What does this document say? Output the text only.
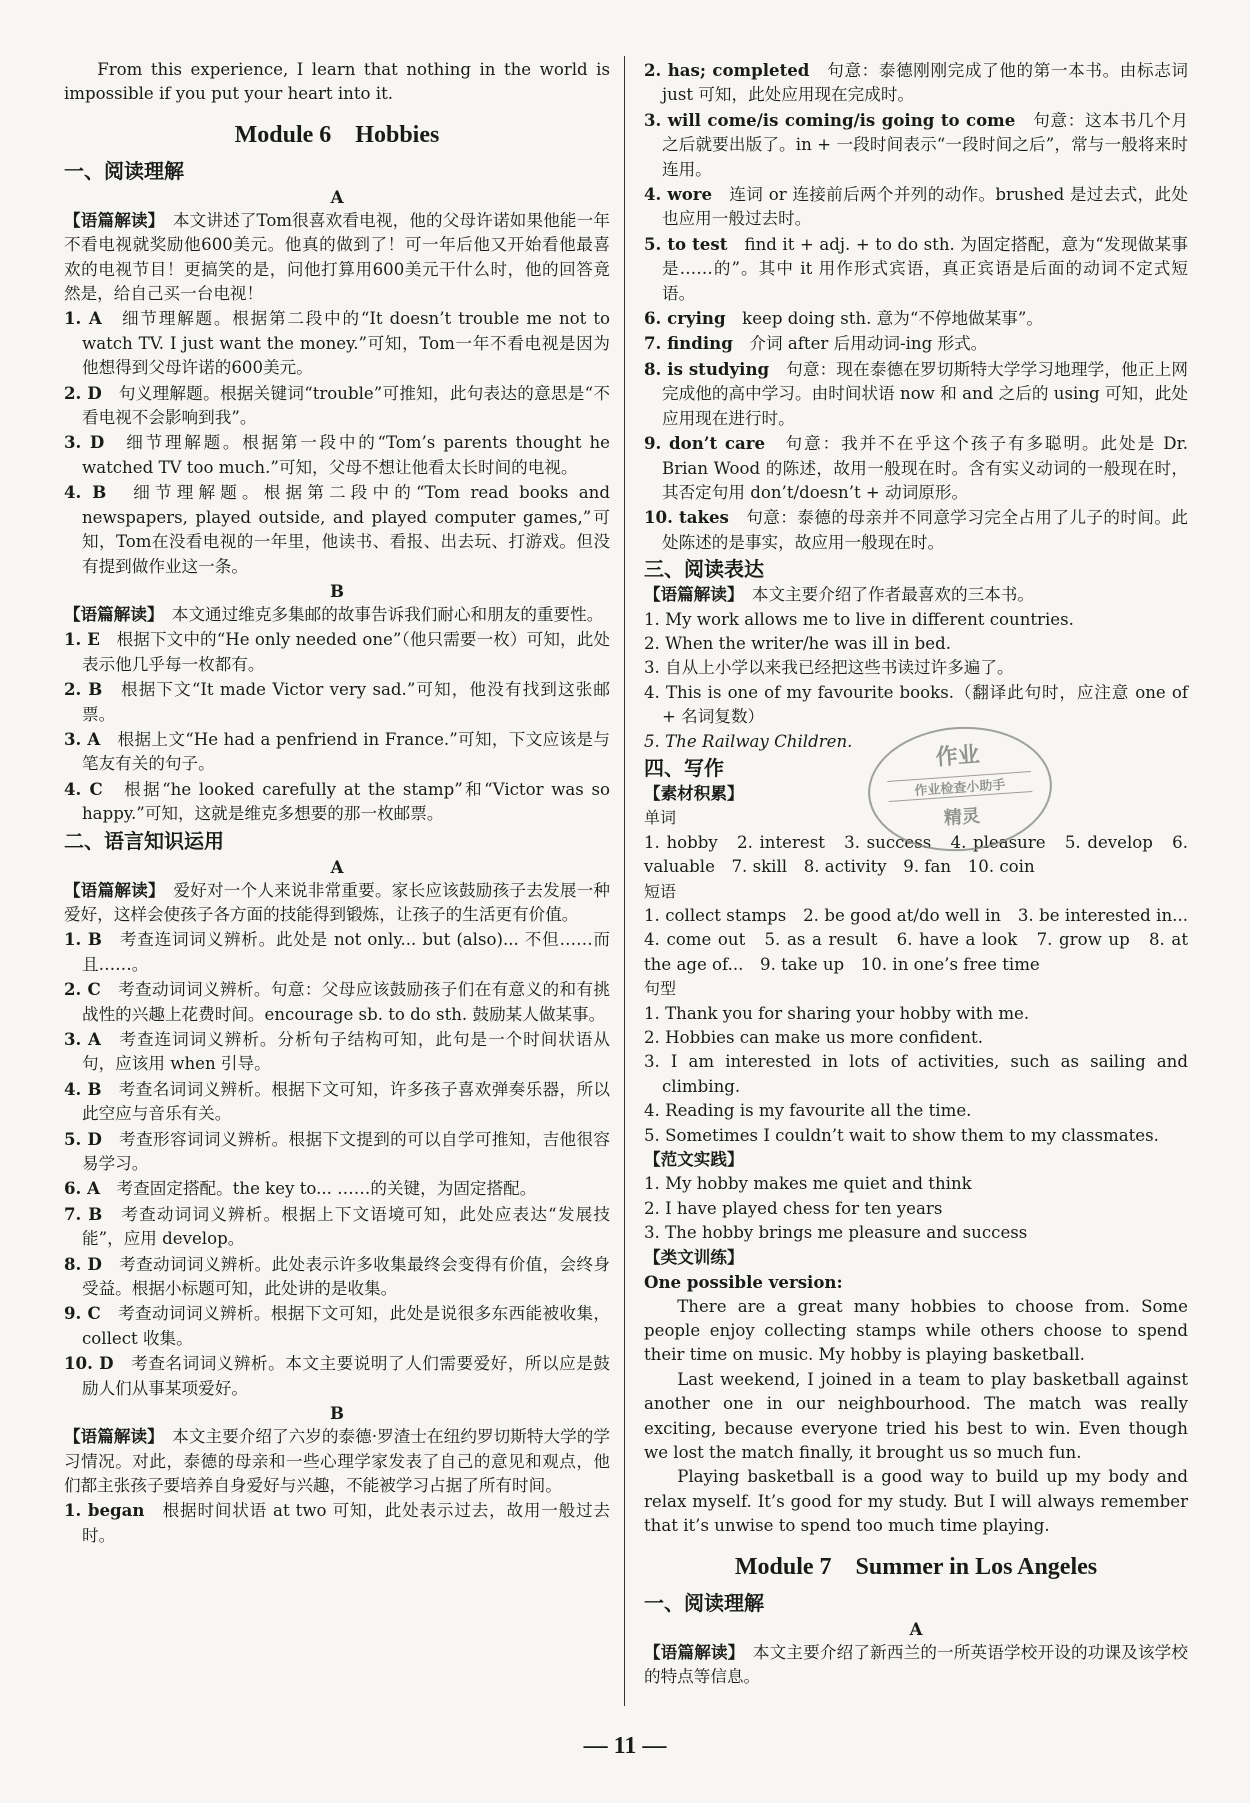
From this experience, I learn that nothing in the world is impossible if you put your heart into it.

Module 6　Hobbies
一、阅读理解
A

【语篇解读】　 本文讲述了Tom很喜欢看电视，他的父母许诺如果他能一年不看电视就奖励他600美元。他真的做到了！可一年后他又开始看他最喜欢的电视节目！更搞笑的是，问他打算用600美元干什么时，他的回答竟然是，给自己买一台电视！

1. A　 细节理解题。根据第二段中的“It doesn’t trouble me not to watch TV. I just want the money.”可知，Tom一年不看电视是因为他想得到父母许诺的600美元。

2. D　 句义理解题。根据关键词“trouble”可推知，此句表达的意思是“不看电视不会影响到我”。

3. D　 细节理解题。根据第一段中的“Tom’s parents thought he watched TV too much.”可知，父母不想让他看太长时间的电视。

4. B　 细节理解题。根据第二段中的“Tom read books and newspapers, played outside, and played computer games,”可知，Tom在没看电视的一年里，他读书、看报、出去玩、打游戏。但没有提到做作业这一条。

B

【语篇解读】　 本文通过维克多集邮的故事告诉我们耐心和朋友的重要性。

1. E　 根据下文中的“He only needed one”（他只需要一枚）可知，此处表示他几乎每一枚都有。

2. B　 根据下文“It made Victor very sad.”可知，他没有找到这张邮票。

3. A　 根据上文“He had a penfriend in France.”可知，下文应该是与笔友有关的句子。

4. C　 根据“he looked carefully at the stamp”和“Victor was so happy.”可知，这就是维克多想要的那一枚邮票。

二、语言知识运用
A

【语篇解读】　 爱好对一个人来说非常重要。家长应该鼓励孩子去发展一种爱好，这样会使孩子各方面的技能得到锻炼，让孩子的生活更有价值。

1. B　 考查连词词义辨析。此处是 not only... but (also)... 不但……而且……。

2. C　 考查动词词义辨析。句意：父母应该鼓励孩子们在有意义的和有挑战性的兴趣上花费时间。encourage sb. to do sth. 鼓励某人做某事。

3. A　 考查连词词义辨析。分析句子结构可知，此句是一个时间状语从句，应该用 when 引导。

4. B　 考查名词词义辨析。根据下文可知，许多孩子喜欢弹奏乐器，所以此空应与音乐有关。

5. D　 考查形容词词义辨析。根据下文提到的可以自学可推知，吉他很容易学习。

6. A　 考查固定搭配。the key to... ……的关键，为固定搭配。

7. B　 考查动词词义辨析。根据上下文语境可知，此处应表达“发展技能”，应用 develop。

8. D　 考查动词词义辨析。此处表示许多收集最终会变得有价值，会终身受益。根据小标题可知，此处讲的是收集。

9. C　 考查动词词义辨析。根据下文可知，此处是说很多东西能被收集，collect 收集。

10. D　 考查名词词义辨析。本文主要说明了人们需要爱好，所以应是鼓励人们从事某项爱好。

B

【语篇解读】　 本文主要介绍了六岁的泰德·罗渣士在纽约罗切斯特大学的学习情况。对此，泰德的母亲和一些心理学家发表了自己的意见和观点，他们都主张孩子要培养自身爱好与兴趣，不能被学习占据了所有时间。

1. began　 根据时间状语 at two 可知，此处表示过去，故用一般过去时。

2. has; completed　 句意：泰德刚刚完成了他的第一本书。由标志词 just 可知，此处应用现在完成时。

3. will come/is coming/is going to come　 句意：这本书几个月之后就要出版了。in + 一段时间表示“一段时间之后”，常与一般将来时连用。

4. wore　 连词 or 连接前后两个并列的动作。brushed 是过去式，此处也应用一般过去时。

5. to test　 find it + adj. + to do sth. 为固定搭配，意为“发现做某事是……的”。其中 it 用作形式宾语，真正宾语是后面的动词不定式短语。

6. crying　 keep doing sth. 意为“不停地做某事”。

7. finding　 介词 after 后用动词-ing 形式。

8. is studying　 句意：现在泰德在罗切斯特大学学习地理学，他正上网完成他的高中学习。由时间状语 now 和 and 之后的 using 可知，此处应用现在进行时。

9. don’t care　 句意：我并不在乎这个孩子有多聪明。此处是 Dr. Brian Wood 的陈述，故用一般现在时。含有实义动词的一般现在时，其否定句用 don’t/doesn’t + 动词原形。

10. takes　 句意：泰德的母亲并不同意学习完全占用了儿子的时间。此处陈述的是事实，故应用一般现在时。

三、阅读表达

【语篇解读】　 本文主要介绍了作者最喜欢的三本书。

1. My work allows me to live in different countries.

2. When the writer/he was ill in bed.

3. 自从上小学以来我已经把这些书读过许多遍了。

4. This is one of my favourite books.（翻译此句时，应注意 one of + 名词复数）

5. The Railway Children.

四、写作
【素材积累】
单词

1. hobby　2. interest　3. success　4. pleasure　5. develop　6. valuable　7. skill　8. activity　9. fan　10. coin

短语

1. collect stamps　2. be good at/do well in　3. be interested in...　4. come out　5. as a result　6. have a look　7. grow up　8. at the age of...　9. take up　10. in one’s free time

句型

1. Thank you for sharing your hobby with me.

2. Hobbies can make us more confident.

3. I am interested in lots of activities, such as sailing and climbing.

4. Reading is my favourite all the time.

5. Sometimes I couldn’t wait to show them to my classmates.

【范文实践】

1. My hobby makes me quiet and think

2. I have played chess for ten years

3. The hobby brings me pleasure and success

【类文训练】
One possible version:

There are a great many hobbies to choose from. Some people enjoy collecting stamps while others choose to spend their time on music. My hobby is playing basketball.

Last weekend, I joined in a team to play basketball against another one in our neighbourhood. The match was really exciting, because everyone tried his best to win. Even though we lost the match finally, it brought us so much fun.

Playing basketball is a good way to build up my body and relax myself. It’s good for my study. But I will always remember that it’s unwise to spend too much time playing.

Module 7　Summer in Los Angeles
一、阅读理解
A

【语篇解读】　 本文主要介绍了新西兰的一所英语学校开设的功课及该学校的特点等信息。

作业
作业检查小助手
精灵
— 11 —
